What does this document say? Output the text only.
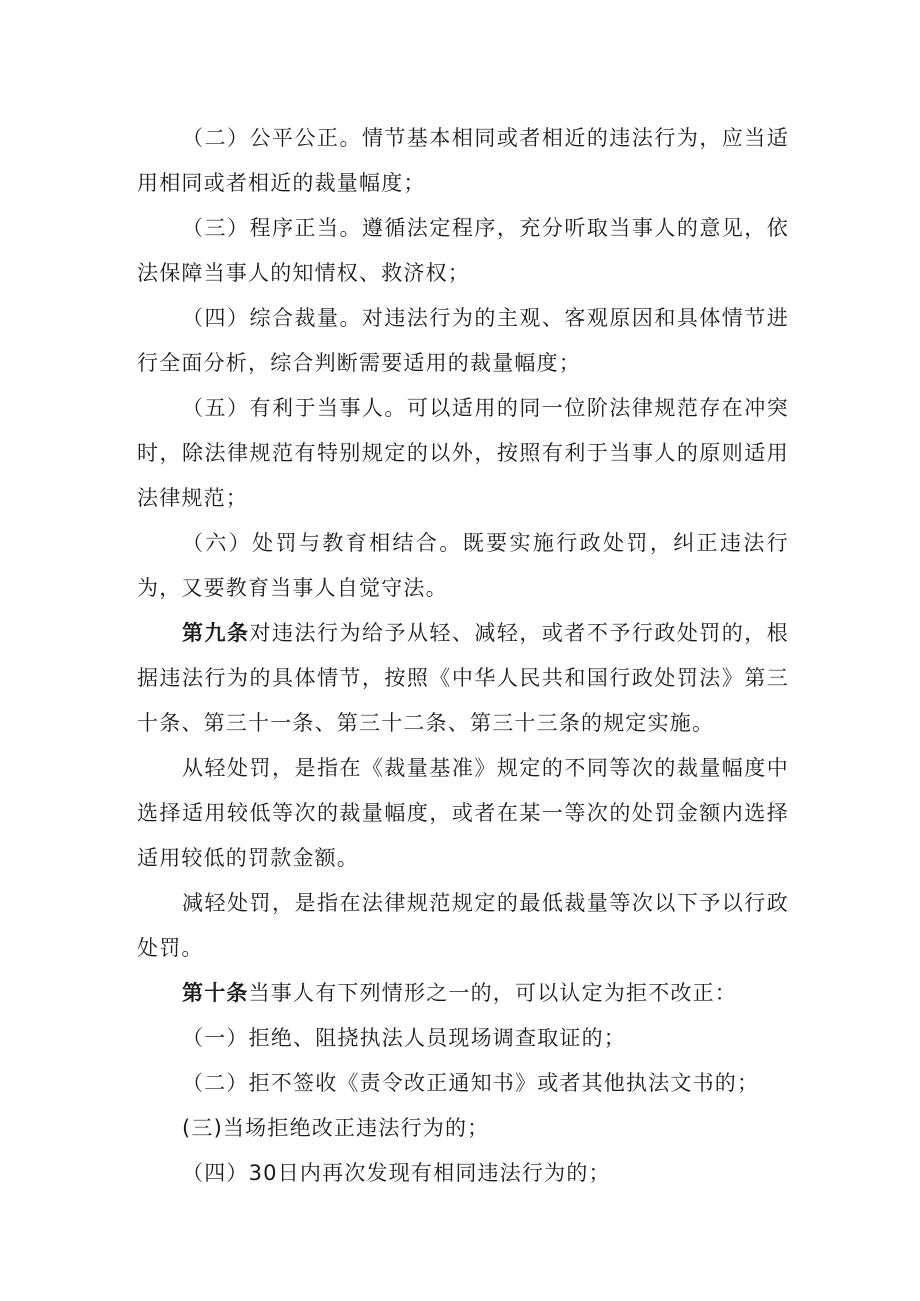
（二）公平公正。情节基本相同或者相近的违法行为，应当适用相同或者相近的裁量幅度；

（三）程序正当。遵循法定程序，充分听取当事人的意见，依法保障当事人的知情权、救济权；

（四）综合裁量。对违法行为的主观、客观原因和具体情节进行全面分析，综合判断需要适用的裁量幅度；

（五）有利于当事人。可以适用的同一位阶法律规范存在冲突时，除法律规范有特别规定的以外，按照有利于当事人的原则适用法律规范；

（六）处罚与教育相结合。既要实施行政处罚，纠正违法行为，又要教育当事人自觉守法。

第九条对违法行为给予从轻、减轻，或者不予行政处罚的，根据违法行为的具体情节，按照《中华人民共和国行政处罚法》第三十条、第三十一条、第三十二条、第三十三条的规定实施。

从轻处罚，是指在《裁量基准》规定的不同等次的裁量幅度中选择适用较低等次的裁量幅度，或者在某一等次的处罚金额内选择适用较低的罚款金额。

减轻处罚，是指在法律规范规定的最低裁量等次以下予以行政处罚。

第十条当事人有下列情形之一的，可以认定为拒不改正：

（一）拒绝、阻挠执法人员现场调查取证的；

（二）拒不签收《责令改正通知书》或者其他执法文书的；

(三)当场拒绝改正违法行为的；

（四）30日内再次发现有相同违法行为的；
